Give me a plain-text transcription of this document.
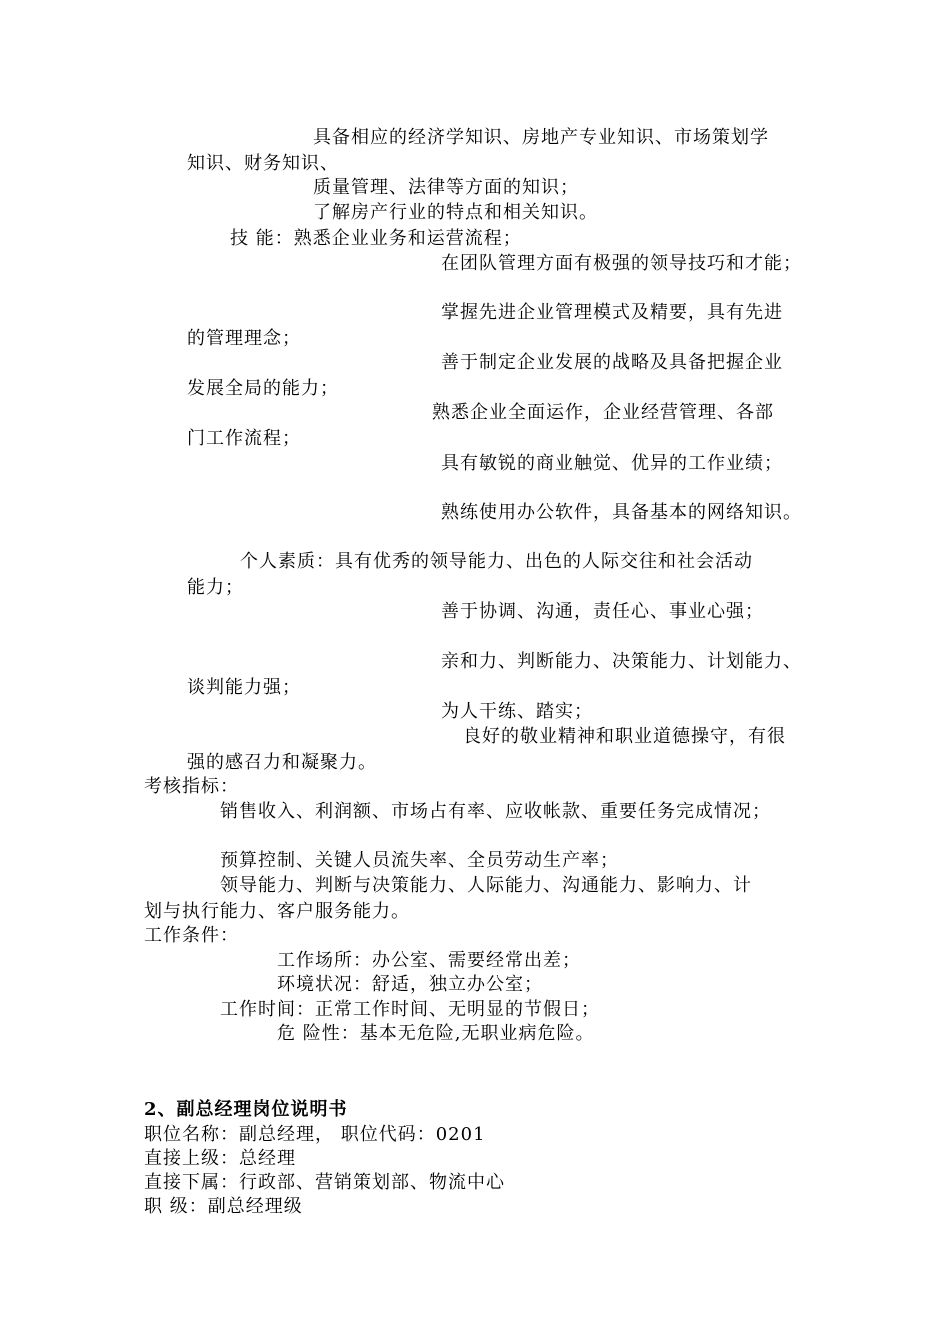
具备相应的经济学知识、房地产专业知识、市场策划学
知识、财务知识、
质量管理、法律等方面的知识；
了解房产行业的特点和相关知识。
技 能：熟悉企业业务和运营流程；
在团队管理方面有极强的领导技巧和才能；
掌握先进企业管理模式及精要，具有先进
的管理理念；
善于制定企业发展的战略及具备把握企业
发展全局的能力；
熟悉企业全面运作，企业经营管理、各部
门工作流程；
具有敏锐的商业触觉、优异的工作业绩；
熟练使用办公软件，具备基本的网络知识。
个人素质：具有优秀的领导能力、出色的人际交往和社会活动
能力；
善于协调、沟通，责任心、事业心强；
亲和力、判断能力、决策能力、计划能力、
谈判能力强；
为人干练、踏实；
良好的敬业精神和职业道德操守，有很
强的感召力和凝聚力。
考核指标：
销售收入、利润额、市场占有率、应收帐款、重要任务完成情况；
预算控制、关键人员流失率、全员劳动生产率；
领导能力、判断与决策能力、人际能力、沟通能力、影响力、计
划与执行能力、客户服务能力。
工作条件：
工作场所：办公室、需要经常出差；
环境状况：舒适，独立办公室；
工作时间：正常工作时间、无明显的节假日；
危 险性：基本无危险,无职业病危险。
2、副总经理岗位说明书
职位名称：副总经理， 职位代码：0201
直接上级：总经理
直接下属：行政部、营销策划部、物流中心
职 级：副总经理级
